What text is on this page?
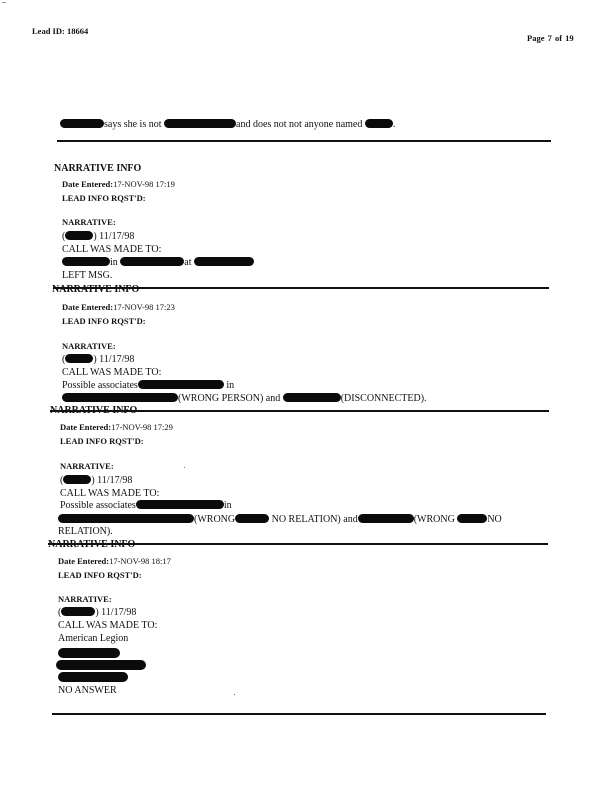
Lead ID: 18664
Page 7 of 19
says she is not	and does not not anyone named	.
NARRATIVE INFO
Date Entered:17-NOV-98 17:19
LEAD INFO RQST'D:
NARRATIVE:
(	) 11/17/98
CALL WAS MADE TO:
in	at
LEFT MSG.
NARRATIVE INFO
Date Entered:17-NOV-98 17:23
LEAD INFO RQST'D:
NARRATIVE:
(	) 11/17/98
CALL WAS MADE TO:
Possible associates	in
(WRONG PERSON) and	(DISCONNECTED).
NARRATIVE INFO
Date Entered:17-NOV-98 17:29
LEAD INFO RQST'D:
NARRATIVE:
(	) 11/17/98
CALL WAS MADE TO:
Possible associates	in
(WRONG	NO RELATION) and	(WRONG	NO
RELATION).
NARRATIVE INFO
Date Entered:17-NOV-98 18:17
LEAD INFO RQST'D:
NARRATIVE:
(	) 11/17/98
CALL WAS MADE TO:
American Legion
NO ANSWER
